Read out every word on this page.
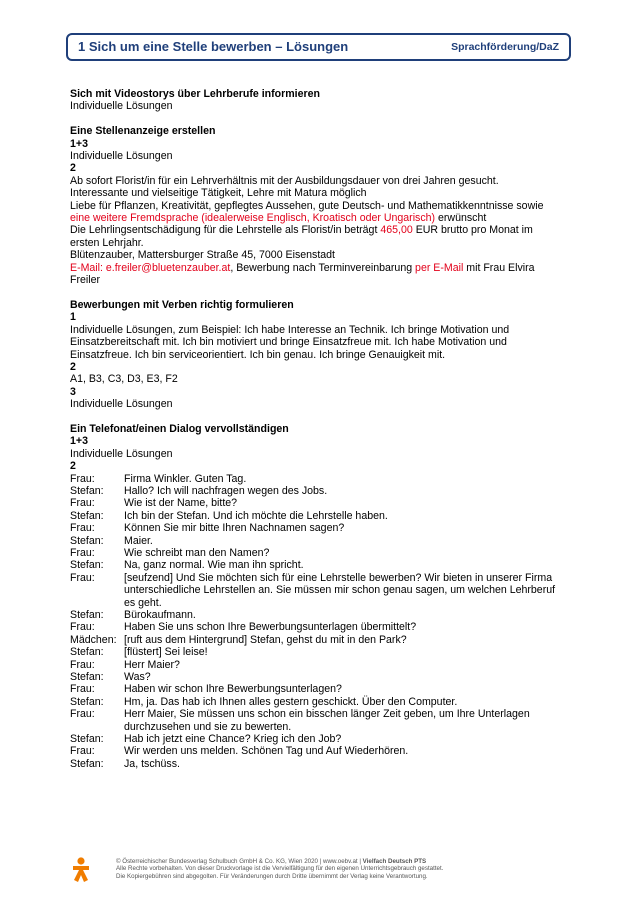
1 Sich um eine Stelle bewerben – Lösungen	Sprachförderung/DaZ
Sich mit Videostorys über Lehrberufe informieren
Individuelle Lösungen
Eine Stellenanzeige erstellen
1+3
Individuelle Lösungen
2
Ab sofort Florist/in für ein Lehrverhältnis mit der Ausbildungsdauer von drei Jahren gesucht.
Interessante und vielseitige Tätigkeit, Lehre mit Matura möglich
Liebe für Pflanzen, Kreativität, gepflegtes Aussehen, gute Deutsch- und Mathematikkenntnisse sowie
eine weitere Fremdsprache (idealerweise Englisch, Kroatisch oder Ungarisch) erwünscht
Die Lehrlingsentschädigung für die Lehrstelle als Florist/in beträgt 465,00 EUR brutto pro Monat im
ersten Lehrjahr.
Blütenzauber, Mattersburger Straße 45, 7000 Eisenstadt
E-Mail: e.freiler@bluetenzauber.at, Bewerbung nach Terminvereinbarung per E-Mail mit Frau Elvira
Freiler
Bewerbungen mit Verben richtig formulieren
1
Individuelle Lösungen, zum Beispiel: Ich habe Interesse an Technik. Ich bringe Motivation und
Einsatzbereitschaft mit. Ich bin motiviert und bringe Einsatzfreue mit. Ich habe Motivation und
Einsatzfreue. Ich bin serviceorientiert. Ich bin genau. Ich bringe Genauigkeit mit.
2
A1, B3, C3, D3, E3, F2
3
Individuelle Lösungen
Ein Telefonat/einen Dialog vervollständigen
1+3
Individuelle Lösungen
2
Frau:	Firma Winkler. Guten Tag.
Stefan:	Hallo? Ich will nachfragen wegen des Jobs.
Frau:	Wie ist der Name, bitte?
Stefan:	Ich bin der Stefan. Und ich möchte die Lehrstelle haben.
Frau:	Können Sie mir bitte Ihren Nachnamen sagen?
Stefan:	Maier.
Frau:	Wie schreibt man den Namen?
Stefan:	Na, ganz normal. Wie man ihn spricht.
Frau:	[seufzend] Und Sie möchten sich für eine Lehrstelle bewerben? Wir bieten in unserer Firma unterschiedliche Lehrstellen an. Sie müssen mir schon genau sagen, um welchen Lehrberuf es geht.
Stefan:	Bürokaufmann.
Frau:	Haben Sie uns schon Ihre Bewerbungsunterlagen übermittelt?
Mädchen: [ruft aus dem Hintergrund] Stefan, gehst du mit in den Park?
Stefan:	[flüstert] Sei leise!
Frau:	Herr Maier?
Stefan:	Was?
Frau:	Haben wir schon Ihre Bewerbungsunterlagen?
Stefan:	Hm, ja. Das hab ich Ihnen alles gestern geschickt. Über den Computer.
Frau:	Herr Maier, Sie müssen uns schon ein bisschen länger Zeit geben, um Ihre Unterlagen durchzusehen und sie zu bewerten.
Stefan:	Hab ich jetzt eine Chance? Krieg ich den Job?
Frau:	Wir werden uns melden. Schönen Tag und Auf Wiederhören.
Stefan:	Ja, tschüss.
© Österreichischer Bundesverlag Schulbuch GmbH & Co. KG, Wien 2020 | www.oebv.at | Vielfach Deutsch PTS
Alle Rechte vorbehalten. Von dieser Druckvorlage ist die Vervielfältigung für den eigenen Unterrichtsgebrauch gestattet.
Die Kopiergebühren sind abgegolten. Für Veränderungen durch Dritte übernimmt der Verlag keine Verantwortung.
